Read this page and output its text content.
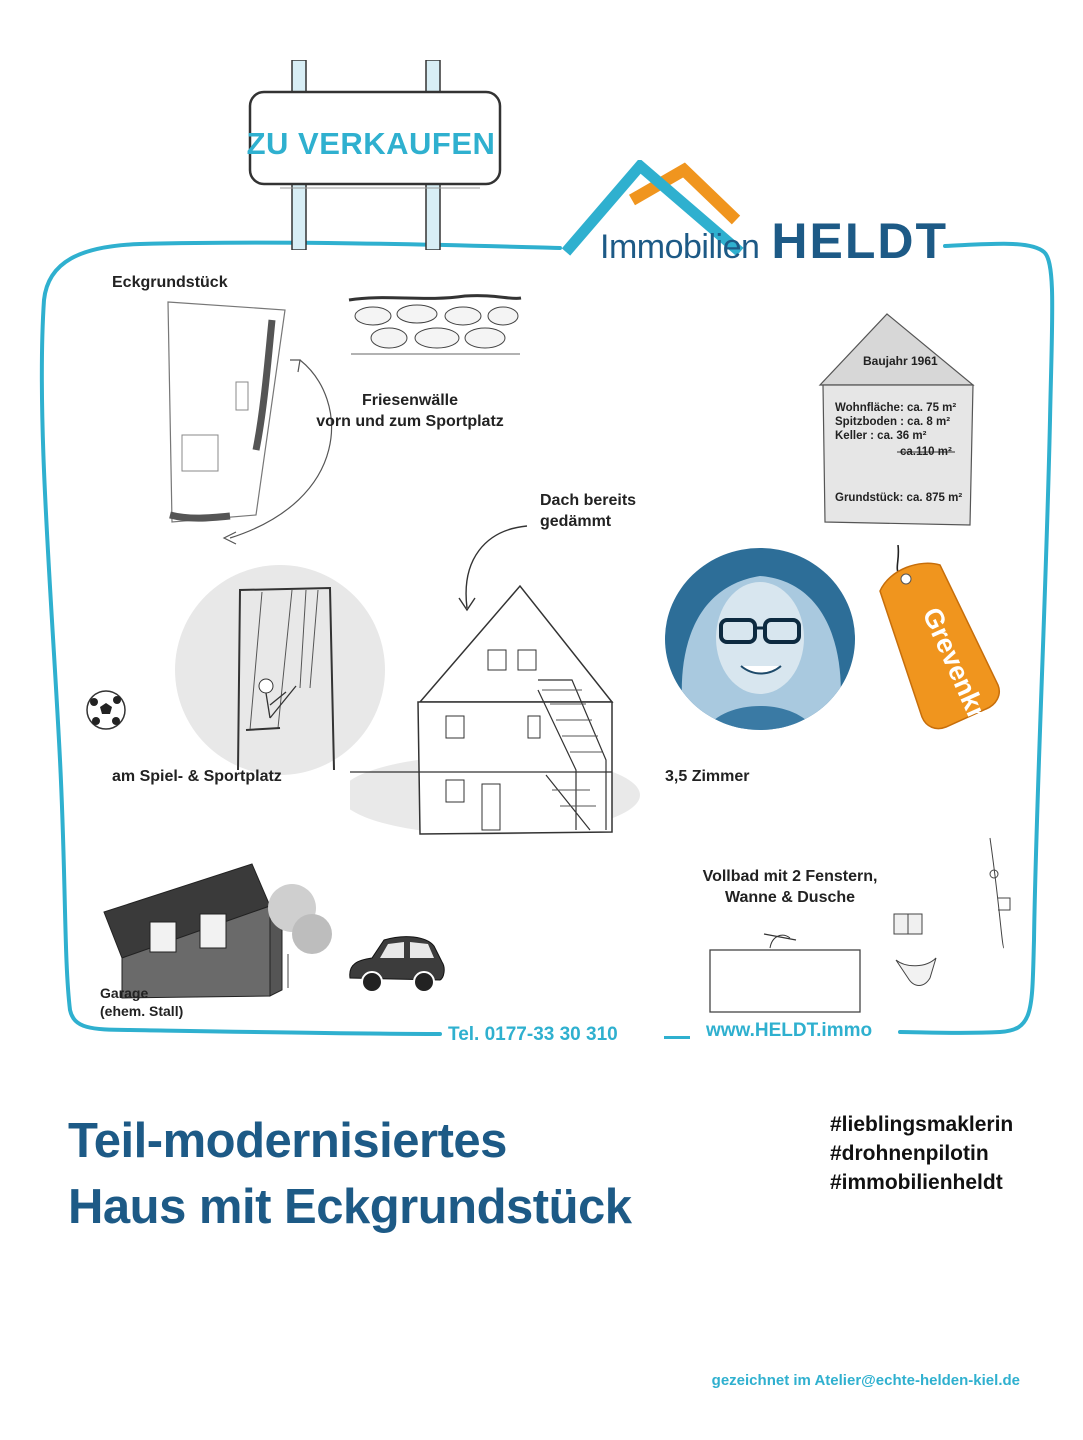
ZU VERKAUFEN
Immobilien HELDT
Eckgrundstück
Friesenwälle
vorn und zum Sportplatz
Baujahr 1961
Wohnfläche: ca. 75 m²
Spitzboden : ca. 8 m²
Keller : ca. 36 m²
ca.110 m²
Grundstück: ca. 875 m²
Dach bereits
gedämmt
3,5 Zimmer
am Spiel- & Sportplatz
Grevenkrug
Garage
(ehem. Stall)
Vollbad mit 2 Fenstern,
Wanne & Dusche
Tel. 0177-33 30 310	www.HELDT.immo
Teil-modernisiertes
Haus mit Eckgrundstück
#lieblingsmaklerin
#drohnenpilotin
#immobilienheldt
gezeichnet im Atelier@echte-helden-kiel.de
